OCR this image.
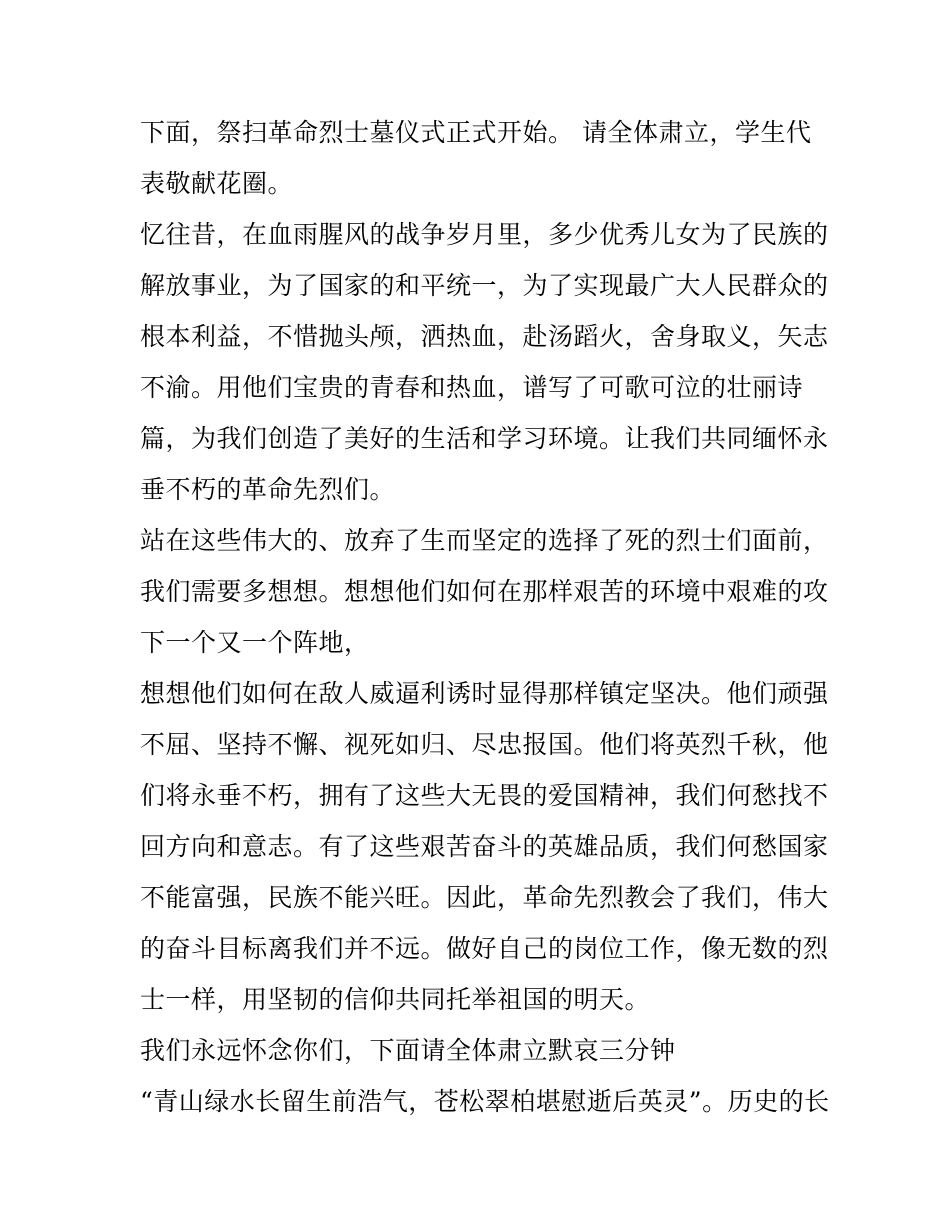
下面，祭扫革命烈士墓仪式正式开始。 请全体肃立，学生代
表敬献花圈。

忆往昔，在血雨腥风的战争岁月里，多少优秀儿女为了民族的
解放事业，为了国家的和平统一，为了实现最广大人民群众的
根本利益，不惜抛头颅，洒热血，赴汤蹈火，舍身取义，矢志
不渝。用他们宝贵的青春和热血，谱写了可歌可泣的壮丽诗
篇，为我们创造了美好的生活和学习环境。让我们共同缅怀永
垂不朽的革命先烈们。

站在这些伟大的、放弃了生而坚定的选择了死的烈士们面前，
我们需要多想想。想想他们如何在那样艰苦的环境中艰难的攻
下一个又一个阵地，

想想他们如何在敌人威逼利诱时显得那样镇定坚决。他们顽强
不屈、坚持不懈、视死如归、尽忠报国。他们将英烈千秋，他
们将永垂不朽，拥有了这些大无畏的爱国精神，我们何愁找不
回方向和意志。有了这些艰苦奋斗的英雄品质，我们何愁国家
不能富强，民族不能兴旺。因此，革命先烈教会了我们，伟大
的奋斗目标离我们并不远。做好自己的岗位工作，像无数的烈
士一样，用坚韧的信仰共同托举祖国的明天。

我们永远怀念你们，下面请全体肃立默哀三分钟

“青山绿水长留生前浩气，苍松翠柏堪慰逝后英灵”。历史的长
